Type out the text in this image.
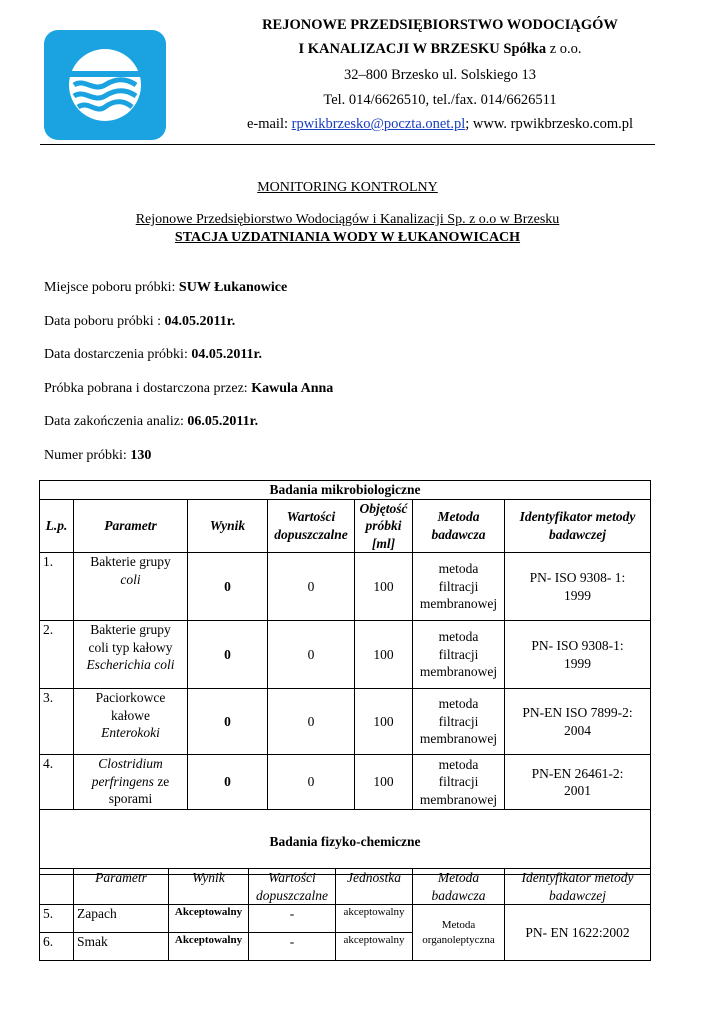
REJONOWE PRZEDSIĘBIORSTWO WODOCIĄGÓW
I KANALIZACJI W BRZESKU Spółka z o.o.
32–800 Brzesko ul. Solskiego 13
Tel. 014/6626510, tel./fax. 014/6626511
e-mail: rpwikbrzesko@poczta.onet.pl; www. rpwikbrzesko.com.pl
MONITORING KONTROLNY
Rejonowe Przedsiębiorstwo Wodociągów i Kanalizacji Sp. z o.o w Brzesku
STACJA UZDATNIANIA WODY W ŁUKANOWICACH
Miejsce poboru próbki: SUW Łukanowice
Data poboru próbki : 04.05.2011r.
Data dostarczenia próbki: 04.05.2011r.
Próbka pobrana i dostarczona przez: Kawula Anna
Data zakończenia analiz: 06.05.2011r.
Numer próbki: 130
Badania mikrobiologiczne						
L.p.	Parametr	Wynik	Wartości
dopuszczalne	Objętość
próbki
[ml]	Metoda
badawcza	Identyfikator metody
badawczej
1.	Bakterie grupy
coli	0	0	100	metoda
filtracji
membranowej	PN- ISO 9308- 1:
1999
2.	Bakterie grupy
coli typ kałowy
Escherichia coli	0	0	100	metoda
filtracji
membranowej	PN- ISO 9308-1:
1999
3.	Paciorkowce
kałowe
Enterokoki	0	0	100	metoda
filtracji
membranowej	PN-EN ISO 7899-2:
2004
4.	Clostridium
perfringens ze
sporami	0	0	100	metoda
filtracji
membranowej	PN-EN 26461-2:
2001
Badania fizyko-chemiczne						
	Parametr	Wynik	Wartości
dopuszczalne	Jednostka	Metoda
badawcza	Identyfikator metody
badawczej
5.	Zapach	Akceptowalny	-	akceptowalny	Metoda
organoleptyczna	PN- EN 1622:2002
6.	Smak	Akceptowalny	-	akceptowalny		
